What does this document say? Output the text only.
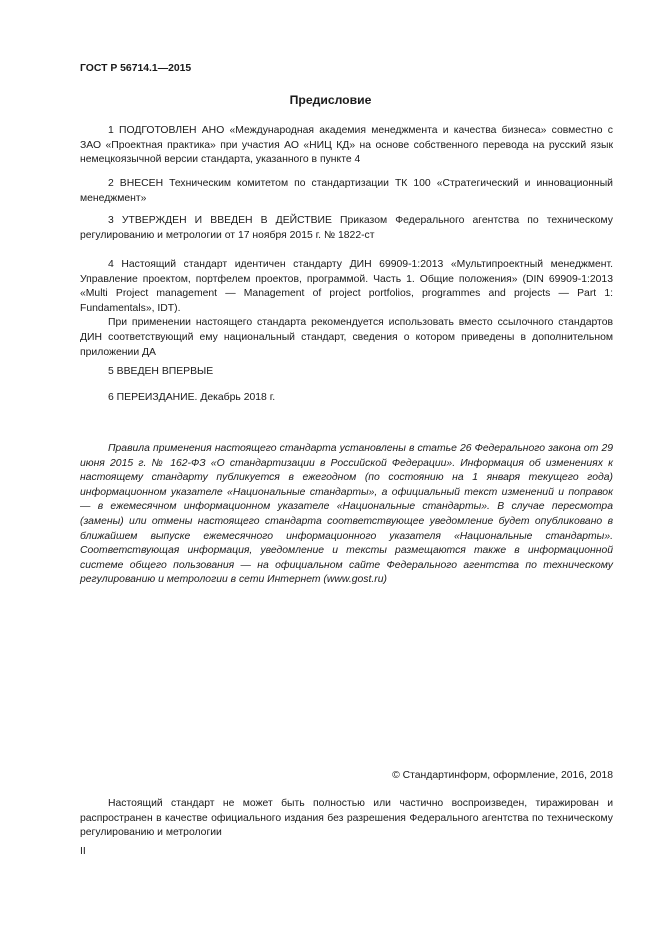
ГОСТ Р 56714.1—2015
Предисловие
1 ПОДГОТОВЛЕН АНО «Международная академия менеджмента и качества бизнеса» совместно с ЗАО «Проектная практика» при участия АО «НИЦ КД» на основе собственного перевода на русский язык немецкоязычной версии стандарта, указанного в пункте 4
2 ВНЕСЕН Техническим комитетом по стандартизации ТК 100 «Стратегический и инновационный менеджмент»
3 УТВЕРЖДЕН И ВВЕДЕН В ДЕЙСТВИЕ Приказом Федерального агентства по техническому регулированию и метрологии от 17 ноября 2015 г. № 1822-ст
4 Настоящий стандарт идентичен стандарту ДИН 69909-1:2013 «Мультипроектный менеджмент. Управление проектом, портфелем проектов, программой. Часть 1. Общие положения» (DIN 69909-1:2013 «Multi Project management — Management of project portfolios, programmes and projects — Part 1: Fundamentals», IDT).
При применении настоящего стандарта рекомендуется использовать вместо ссылочного стандартов ДИН соответствующий ему национальный стандарт, сведения о котором приведены в дополнительном приложении ДА
5 ВВЕДЕН ВПЕРВЫЕ
6 ПЕРЕИЗДАНИЕ. Декабрь 2018 г.
Правила применения настоящего стандарта установлены в статье 26 Федерального закона от 29 июня 2015 г. № 162-ФЗ «О стандартизации в Российской Федерации». Информация об изменениях к настоящему стандарту публикуется в ежегодном (по состоянию на 1 января текущего года) информационном указателе «Национальные стандарты», а официальный текст изменений и поправок — в ежемесячном информационном указателе «Национальные стандарты». В случае пересмотра (замены) или отмены настоящего стандарта соответствующее уведомление будет опубликовано в ближайшем выпуске ежемесячного информационного указателя «Национальные стандарты». Соответствующая информация, уведомление и тексты размещаются также в информационной системе общего пользования — на официальном сайте Федерального агентства по техническому регулированию и метрологии в сети Интернет (www.gost.ru)
© Стандартинформ, оформление, 2016, 2018
Настоящий стандарт не может быть полностью или частично воспроизведен, тиражирован и распространен в качестве официального издания без разрешения Федерального агентства по техническому регулированию и метрологии
II
